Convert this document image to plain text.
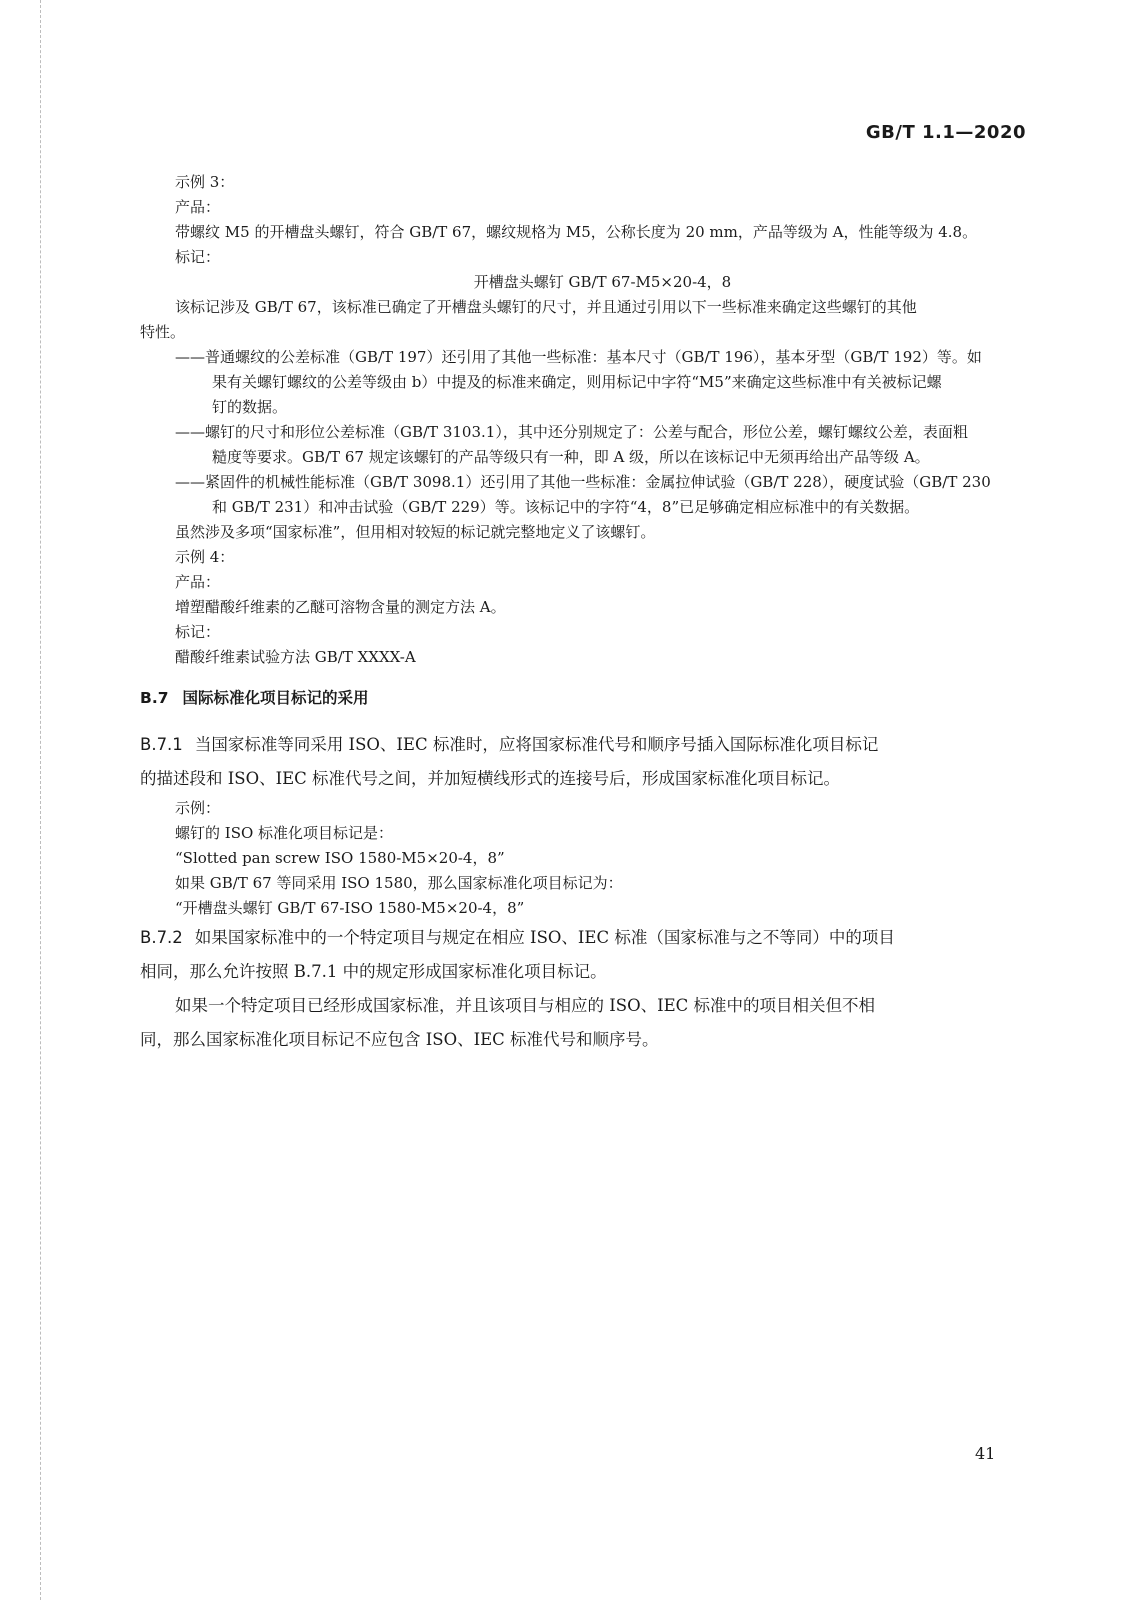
GB/T 1.1—2020
示例 3：
产品：
带螺纹 M5 的开槽盘头螺钉，符合 GB/T 67，螺纹规格为 M5，公称长度为 20 mm，产品等级为 A，性能等级为 4.8。
标记：
开槽盘头螺钉 GB/T 67-M5×20-4，8
该标记涉及 GB/T 67，该标准已确定了开槽盘头螺钉的尺寸，并且通过引用以下一些标准来确定这些螺钉的其他
特性。
——普通螺纹的公差标准（GB/T 197）还引用了其他一些标准：基本尺寸（GB/T 196），基本牙型（GB/T 192）等。如
果有关螺钉螺纹的公差等级由 b）中提及的标准来确定，则用标记中字符“M5”来确定这些标准中有关被标记螺
钉的数据。
——螺钉的尺寸和形位公差标准（GB/T 3103.1），其中还分别规定了：公差与配合，形位公差，螺钉螺纹公差，表面粗
糙度等要求。GB/T 67 规定该螺钉的产品等级只有一种，即 A 级，所以在该标记中无须再给出产品等级 A。
——紧固件的机械性能标准（GB/T 3098.1）还引用了其他一些标准：金属拉伸试验（GB/T 228），硬度试验（GB/T 230
和 GB/T 231）和冲击试验（GB/T 229）等。该标记中的字符“4，8”已足够确定相应标准中的有关数据。
虽然涉及多项“国家标准”，但用相对较短的标记就完整地定义了该螺钉。
示例 4：
产品：
增塑醋酸纤维素的乙醚可溶物含量的测定方法 A。
标记：
醋酸纤维素试验方法 GB/T XXXX-A
B.7 国际标准化项目标记的采用
B.7.1 当国家标准等同采用 ISO、IEC 标准时，应将国家标准代号和顺序号插入国际标准化项目标记
的描述段和 ISO、IEC 标准代号之间，并加短横线形式的连接号后，形成国家标准化项目标记。
示例：
螺钉的 ISO 标准化项目标记是：
“Slotted pan screw ISO 1580-M5×20-4，8”
如果 GB/T 67 等同采用 ISO 1580，那么国家标准化项目标记为：
“开槽盘头螺钉 GB/T 67-ISO 1580-M5×20-4，8”
B.7.2 如果国家标准中的一个特定项目与规定在相应 ISO、IEC 标准（国家标准与之不等同）中的项目
相同，那么允许按照 B.7.1 中的规定形成国家标准化项目标记。
如果一个特定项目已经形成国家标准，并且该项目与相应的 ISO、IEC 标准中的项目相关但不相
同，那么国家标准化项目标记不应包含 ISO、IEC 标准代号和顺序号。
41
